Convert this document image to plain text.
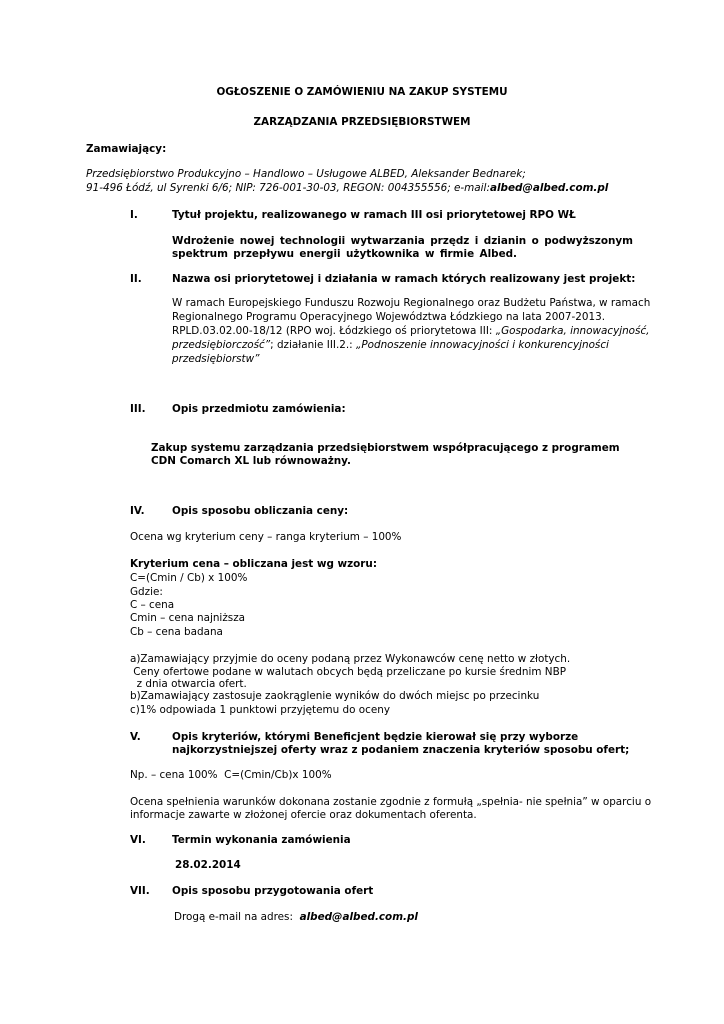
OGŁOSZENIE O ZAMÓWIENIU NA ZAKUP SYSTEMU
ZARZĄDZANIA PRZEDSIĘBIORSTWEM
Zamawiający:
Przedsiębiorstwo Produkcyjno – Handlowo – Usługowe ALBED, Aleksander Bednarek;
91-496 Łódź, ul Syrenki 6/6; NIP: 726-001-30-03, REGON: 004355556; e-mail:albed@albed.com.pl
I.	Tytuł projektu, realizowanego w ramach III osi priorytetowej RPO WŁ
Wdrożenie nowej technologii wytwarzania przędz i dzianin o podwyższonym
spektrum przepływu energii użytkownika w firmie Albed.
II.	Nazwa osi priorytetowej i działania w ramach których realizowany jest projekt:
W ramach Europejskiego Funduszu Rozwoju Regionalnego oraz Budżetu Państwa, w ramach
Regionalnego Programu Operacyjnego Województwa Łódzkiego na lata 2007-2013.
RPLD.03.02.00-18/12 (RPO woj. Łódzkiego oś priorytetowa III: „Gospodarka, innowacyjność,
przedsiębiorczość”; działanie III.2.: „Podnoszenie innowacyjności i konkurencyjności
przedsiębiorstw”
III.	Opis przedmiotu zamówienia:
Zakup systemu zarządzania przedsiębiorstwem współpracującego z programem
CDN Comarch XL lub równoważny.
IV.	Opis sposobu obliczania ceny:
Ocena wg kryterium ceny – ranga kryterium – 100%
Kryterium cena – obliczana jest wg wzoru:
C=(Cmin / Cb) x 100%
Gdzie:
C – cena
Cmin – cena najniższa
Cb – cena badana
a)Zamawiający przyjmie do oceny podaną przez Wykonawców cenę netto w złotych.
Ceny ofertowe podane w walutach obcych będą przeliczane po kursie średnim NBP
z dnia otwarcia ofert.
b)Zamawiający zastosuje zaokrąglenie wyników do dwóch miejsc po przecinku
c)1% odpowiada 1 punktowi przyjętemu do oceny
V.	Opis kryteriów, którymi Beneficjent będzie kierował się przy wyborze
najkorzystniejszej oferty wraz z podaniem znaczenia kryteriów sposobu ofert;
Np. – cena 100%  C=(Cmin/Cb)x 100%
Ocena spełnienia warunków dokonana zostanie zgodnie z formułą „spełnia- nie spełnia” w oparciu o
informacje zawarte w złożonej ofercie oraz dokumentach oferenta.
VI.	Termin wykonania zamówienia
28.02.2014
VII. Opis sposobu przygotowania ofert
Drogą e-mail na adres:  albed@albed.com.pl
